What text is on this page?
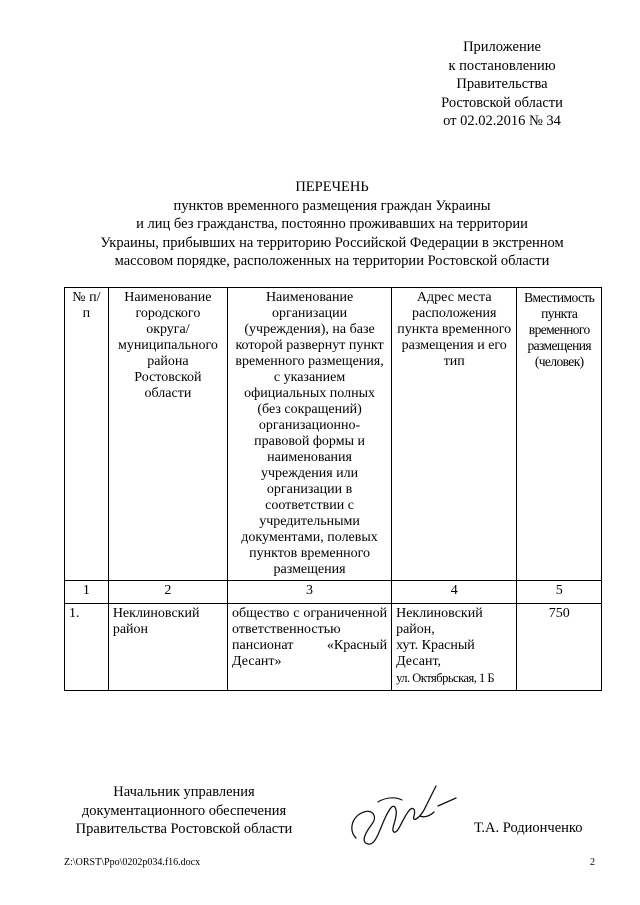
Приложение
к постановлению
Правительства
Ростовской области
от 02.02.2016 № 34
ПЕРЕЧЕНЬ
пунктов временного размещения граждан Украины
и лиц без гражданства, постоянно проживавших на территории
Украины, прибывших на территорию Российской Федерации в экстренном
массовом порядке, расположенных на территории Ростовской области
№ п/п	Наименование городского округа/ муниципального района Ростовской области	Наименование организации (учреждения), на базе которой развернут пункт временного размещения, с указанием официальных полных (без сокращений) организационно-правовой формы и наименования учреждения или организации в соответствии с учредительными документами, полевых пунктов временного размещения	Адрес места расположения пункта временного размещения и его тип	Вместимость пункта временного размещения (человек)
1	2	3	4	5
1.	Неклиновский район	общество с ограниченной ответственностью пансионат «Красный Десант»	Неклиновский район,
хут. Красный Десант,
ул. Октябрьская, 1 Б	750
Начальник управления
документационного обеспечения
Правительства Ростовской области	Т.А. Родионченко
Z:\ORST\Ppo\0202p034.f16.docx	2
